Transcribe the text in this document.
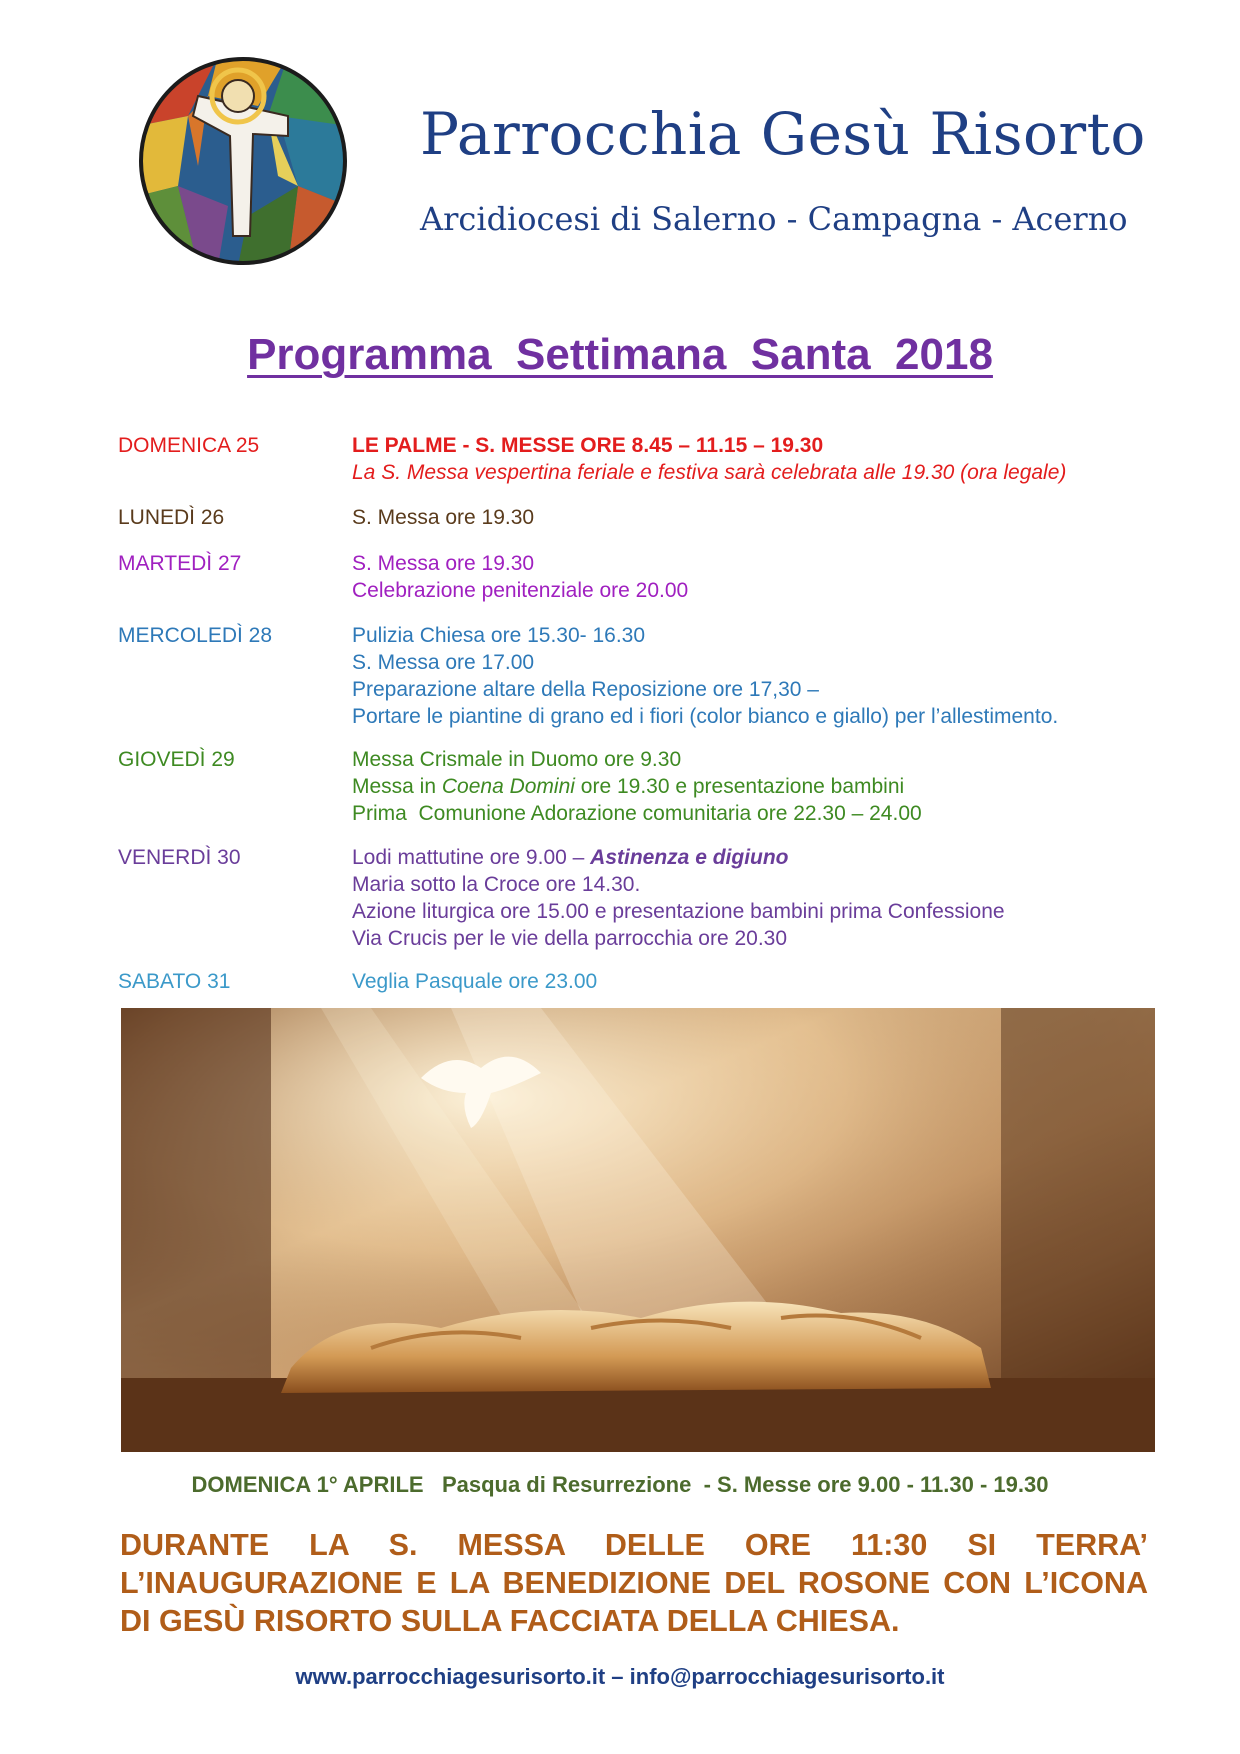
Parrocchia Gesù Risorto
Arcidiocesi di Salerno - Campagna - Acerno
Programma  Settimana  Santa  2018
DOMENICA 25	LE PALME - S. MESSE ORE 8.45 – 11.15 – 19.30
La S. Messa vespertina feriale e festiva sarà celebrata alle 19.30 (ora legale)
LUNEDÌ 26	S. Messa ore 19.30
MARTEDÌ 27	S. Messa ore 19.30
Celebrazione penitenziale ore 20.00
MERCOLEDÌ 28	Pulizia Chiesa ore 15.30- 16.30
S. Messa ore 17.00
Preparazione altare della Reposizione ore 17,30 –
Portare le piantine di grano ed i fiori (color bianco e giallo) per l’allestimento.
GIOVEDÌ 29	Messa Crismale in Duomo ore 9.30
Messa in Coena Domini ore 19.30 e presentazione bambini
Prima  Comunione Adorazione comunitaria ore 22.30 – 24.00
VENERDÌ 30	Lodi mattutine ore 9.00 – Astinenza e digiuno
Maria sotto la Croce ore 14.30.
Azione liturgica ore 15.00 e presentazione bambini prima Confessione
Via Crucis per le vie della parrocchia ore 20.30
SABATO 31	Veglia Pasquale ore 23.00
DOMENICA 1° APRILE Pasqua di Resurrezione - S. Messe ore 9.00 - 11.30 - 19.30
DURANTE LA S. MESSA DELLE ORE 11:30 SI TERRA’ L’INAUGURAZIONE E LA BENEDIZIONE DEL ROSONE CON L’ICONA DI GESÙ RISORTO SULLA FACCIATA DELLA CHIESA.
www.parrocchiagesurisorto.it – info@parrocchiagesurisorto.it
